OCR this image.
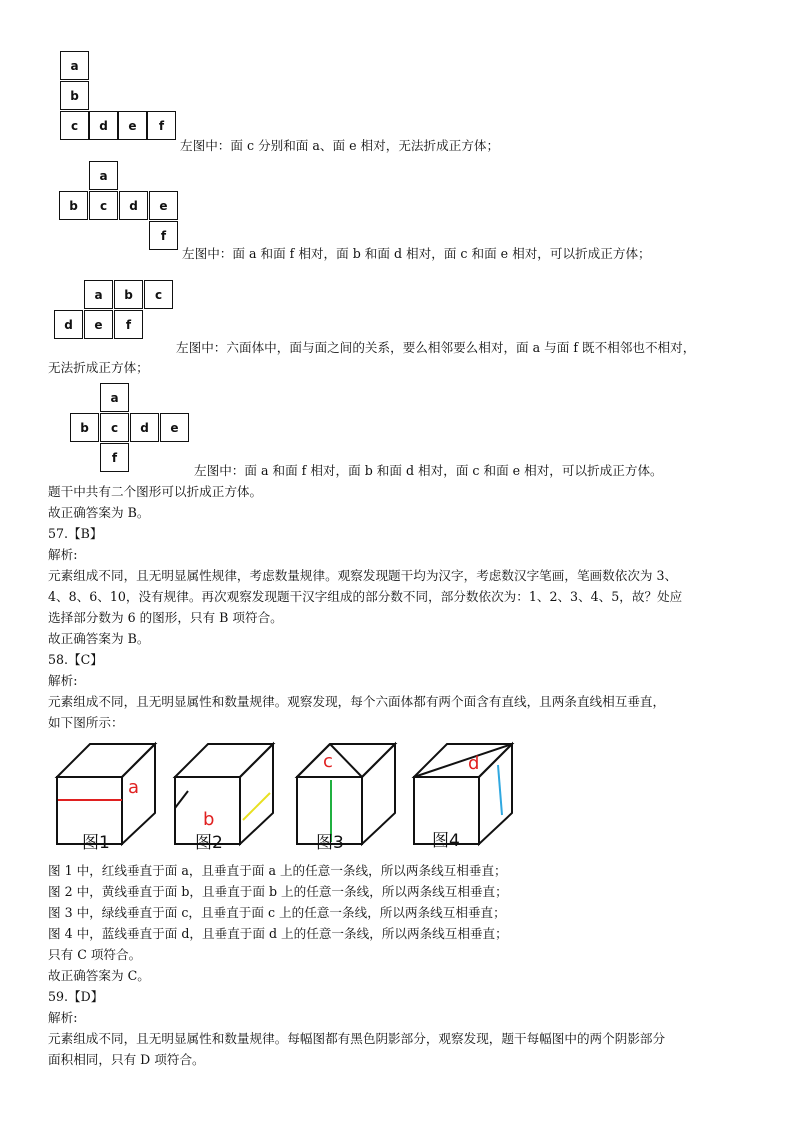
a
b
c	d	e	f
左图中：面 c 分别和面 a、面 e 相对，无法折成正方体；
a
b	c	d	e
f
左图中：面 a 和面 f 相对，面 b 和面 d 相对，面 c 和面 e 相对，可以折成正方体；
a	b	c
d	e	f
左图中：六面体中，面与面之间的关系，要么相邻要么相对，面 a 与面 f 既不相邻也不相对，
无法折成正方体；
a
b	c	d	e
f
左图中：面 a 和面 f 相对，面 b 和面 d 相对，面 c 和面 e 相对，可以折成正方体。
题干中共有二个图形可以折成正方体。
故正确答案为 B。
57.【B】
解析:
元素组成不同，且无明显属性规律，考虑数量规律。观察发现题干均为汉字，考虑数汉字笔画，笔画数依次为 3、
4、8、6、10，没有规律。再次观察发现题干汉字组成的部分数不同，部分数依次为：1、2、3、4、5，故？处应
选择部分数为 6 的图形，只有 B 项符合。
故正确答案为 B。
58.【C】
解析:
元素组成不同，且无明显属性和数量规律。观察发现，每个六面体都有两个面含有直线，且两条直线相互垂直，
如下图所示：
a
图1
b
图2
c
图3
d
图4
图 1 中，红线垂直于面 a，且垂直于面 a 上的任意一条线，所以两条线互相垂直；
图 2 中，黄线垂直于面 b，且垂直于面 b 上的任意一条线，所以两条线互相垂直；
图 3 中，绿线垂直于面 c，且垂直于面 c 上的任意一条线，所以两条线互相垂直；
图 4 中，蓝线垂直于面 d，且垂直于面 d 上的任意一条线，所以两条线互相垂直；
只有 C 项符合。
故正确答案为 C。
59.【D】
解析:
元素组成不同，且无明显属性和数量规律。每幅图都有黑色阴影部分，观察发现，题干每幅图中的两个阴影部分
面积相同，只有 D 项符合。
